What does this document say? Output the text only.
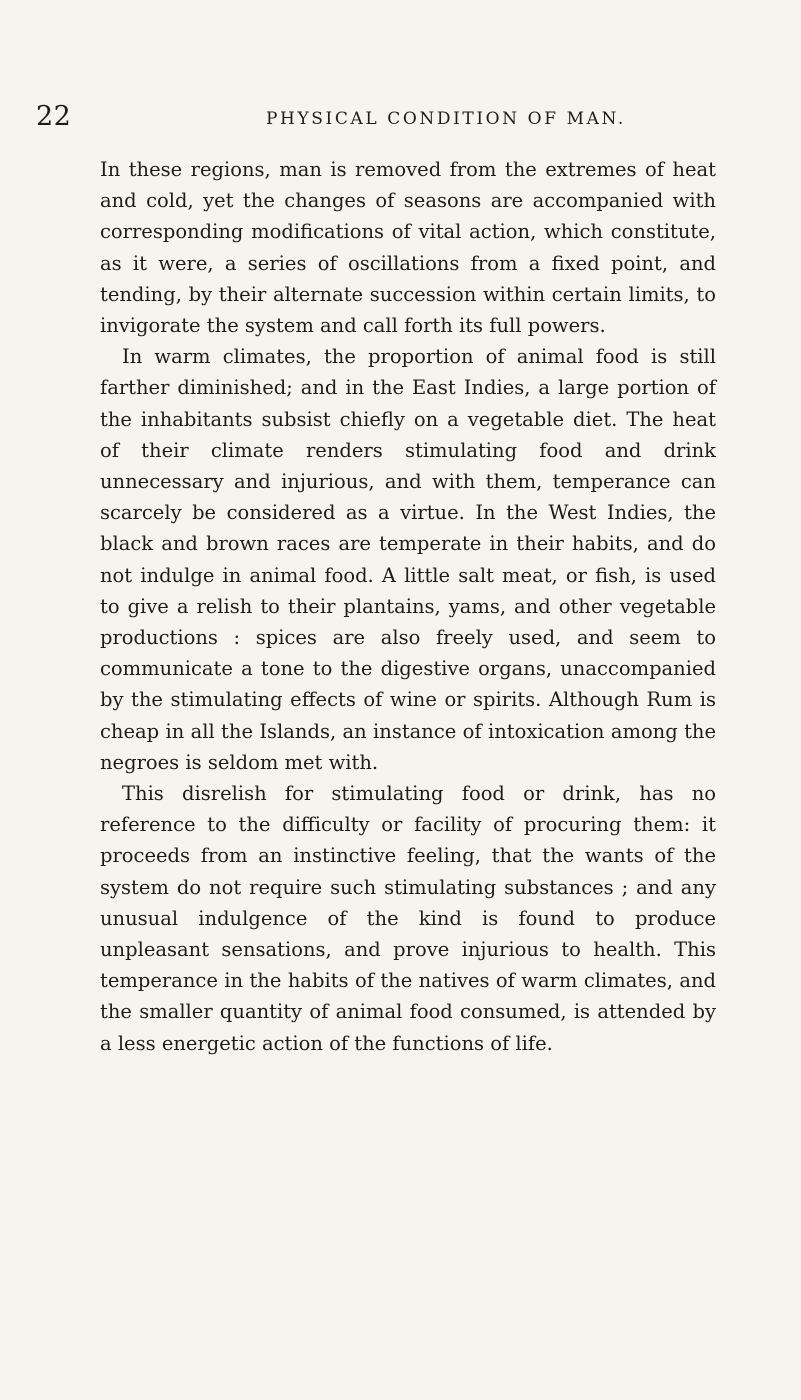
22	PHYSICAL CONDITION OF MAN.

In these regions, man is removed from the extremes of heat and cold, yet the changes of seasons are accompanied with corresponding modifications of vital action, which constitute, as it were, a series of oscillations from a fixed point, and tending, by their alternate succession within certain limits, to invigorate the system and call forth its full powers.

In warm climates, the proportion of animal food is still farther diminished; and in the East Indies, a large portion of the inhabitants subsist chiefly on a vegetable diet. The heat of their climate renders stimulating food and drink unnecessary and injurious, and with them, temperance can scarcely be considered as a virtue. In the West Indies, the black and brown races are temperate in their habits, and do not indulge in animal food. A little salt meat, or fish, is used to give a relish to their plantains, yams, and other vegetable productions : spices are also freely used, and seem to communicate a tone to the digestive organs, unaccompanied by the stimulating effects of wine or spirits. Although Rum is cheap in all the Islands, an instance of intoxication among the negroes is seldom met with.

This disrelish for stimulating food or drink, has no reference to the difficulty or facility of procuring them: it proceeds from an instinctive feeling, that the wants of the system do not require such stimulating substances ; and any unusual indulgence of the kind is found to produce unpleasant sensations, and prove injurious to health. This temperance in the habits of the natives of warm climates, and the smaller quantity of animal food consumed, is attended by a less energetic action of the functions of life.
